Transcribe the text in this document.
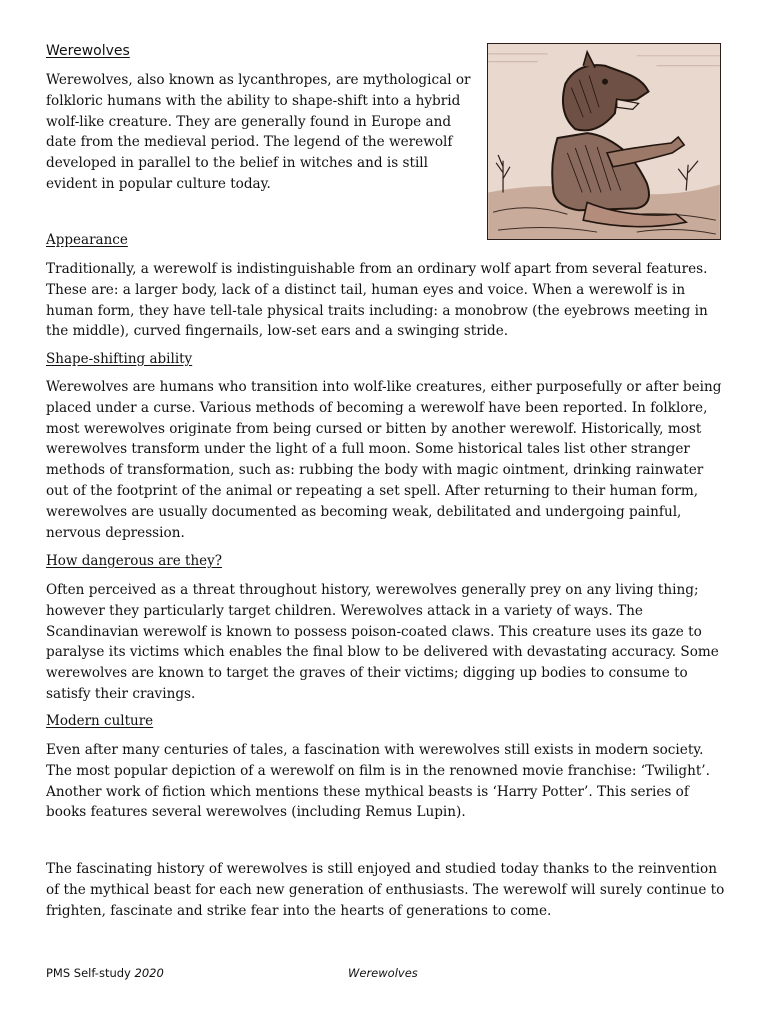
Werewolves

Werewolves, also known as lycanthropes, are mythological or folkloric humans with the ability to shape-shift into a hybrid wolf-like creature. They are generally found in Europe and date from the medieval period. The legend of the werewolf developed in parallel to the belief in witches and is still evident in popular culture today.

Appearance

Traditionally, a werewolf is indistinguishable from an ordinary wolf apart from several features. These are: a larger body, lack of a distinct tail, human eyes and voice. When a werewolf is in human form, they have tell-tale physical traits including: a monobrow (the eyebrows meeting in the middle), curved fingernails, low-set ears and a swinging stride.

Shape-shifting ability

Werewolves are humans who transition into wolf-like creatures, either purposefully or after being placed under a curse. Various methods of becoming a werewolf have been reported. In folklore, most werewolves originate from being cursed or bitten by another werewolf. Historically, most werewolves transform under the light of a full moon. Some historical tales list other stranger methods of transformation, such as: rubbing the body with magic ointment, drinking rainwater out of the footprint of the animal or repeating a set spell. After returning to their human form, werewolves are usually documented as becoming weak, debilitated and undergoing painful, nervous depression.

How dangerous are they?

Often perceived as a threat throughout history, werewolves generally prey on any living thing; however they particularly target children. Werewolves attack in a variety of ways. The Scandinavian werewolf is known to possess poison-coated claws. This creature uses its gaze to paralyse its victims which enables the final blow to be delivered with devastating accuracy. Some werewolves are known to target the graves of their victims; digging up bodies to consume to satisfy their cravings.

Modern culture

Even after many centuries of tales, a fascination with werewolves still exists in modern society. The most popular depiction of a werewolf on film is in the renowned movie franchise: ‘Twilight’. Another work of fiction which mentions these mythical beasts is ‘Harry Potter’. This series of books features several werewolves (including Remus Lupin).

The fascinating history of werewolves is still enjoyed and studied today thanks to the reinvention of the mythical beast for each new generation of enthusiasts. The werewolf will surely continue to frighten, fascinate and strike fear into the hearts of generations to come.

PMS Self-study 2020	Werewolves
